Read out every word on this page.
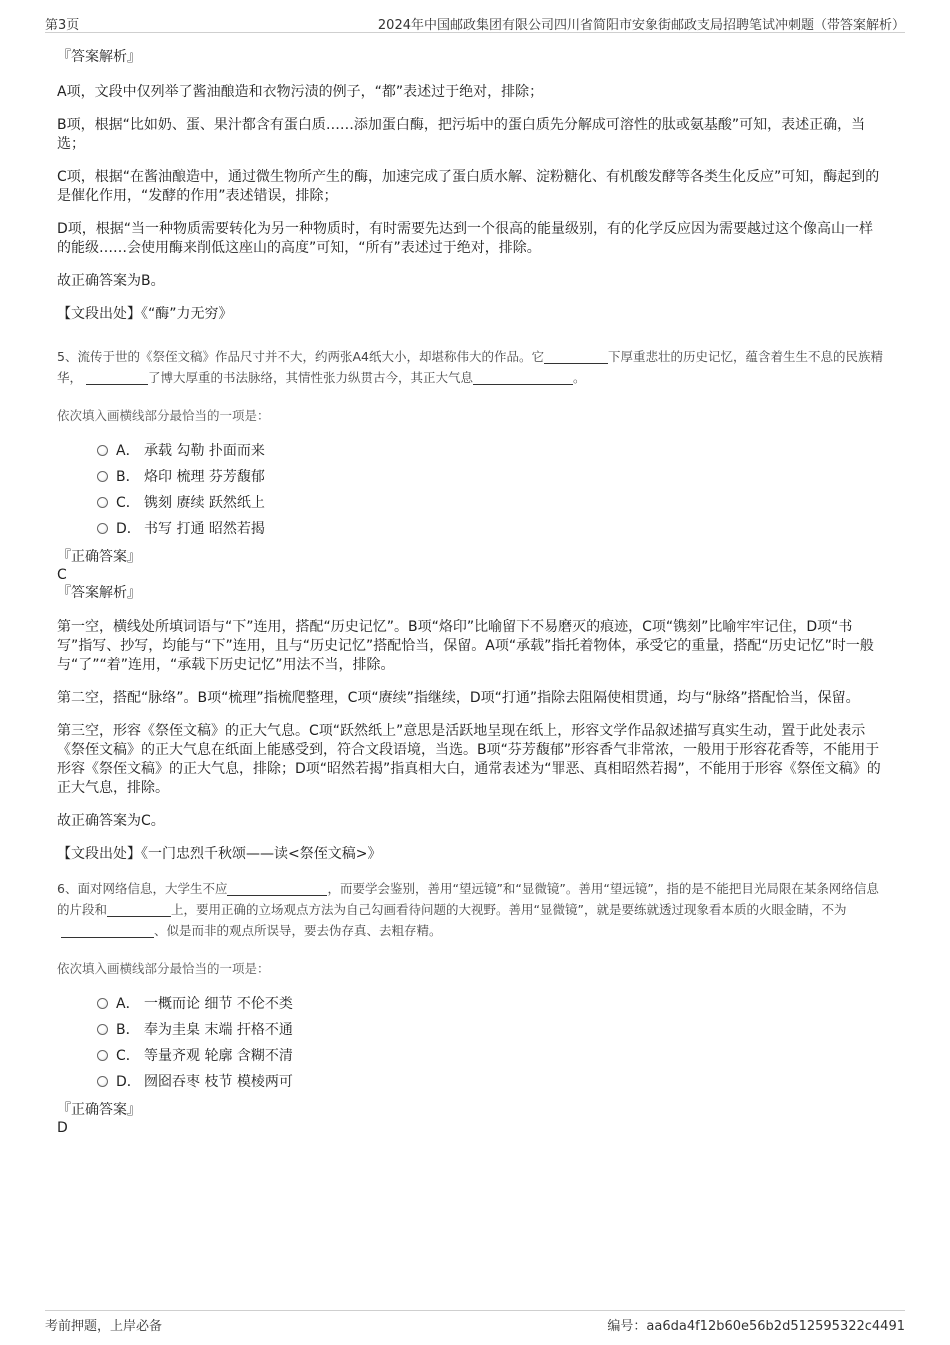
第3页	2024年中国邮政集团有限公司四川省简阳市安象街邮政支局招聘笔试冲刺题（带答案解析）

『答案解析』

A项，文段中仅列举了酱油酿造和衣物污渍的例子，“都”表述过于绝对，排除；

B项，根据“比如奶、蛋、果汁都含有蛋白质……添加蛋白酶，把污垢中的蛋白质先分解成可溶性的肽或氨基酸”可知，表述正确，当选；

C项，根据“在酱油酿造中，通过微生物所产生的酶，加速完成了蛋白质水解、淀粉糖化、有机酸发酵等各类生化反应”可知，酶起到的是催化作用，“发酵的作用”表述错误，排除；

D项，根据“当一种物质需要转化为另一种物质时，有时需要先达到一个很高的能量级别，有的化学反应因为需要越过这个像高山一样的能级……会使用酶来削低这座山的高度”可知，“所有”表述过于绝对，排除。

故正确答案为B。

【文段出处】《“酶”力无穷》

5、流传于世的《祭侄文稿》作品尺寸并不大，约两张A4纸大小，却堪称伟大的作品。它	下厚重悲壮的历史记忆，蕴含着生生不息的民族精华，	了博大厚重的书法脉络，其情性张力纵贯古今，其正大气息	。

依次填入画横线部分最恰当的一项是：

A． 承载 勾勒 扑面而来
B． 烙印 梳理 芬芳馥郁
C． 镌刻 赓续 跃然纸上
D． 书写 打通 昭然若揭

『正确答案』

C

『答案解析』

第一空，横线处所填词语与“下”连用，搭配“历史记忆”。B项“烙印”比喻留下不易磨灭的痕迹，C项“镌刻”比喻牢牢记住，D项“书写”指写、抄写，均能与“下”连用，且与“历史记忆”搭配恰当，保留。A项“承载”指托着物体，承受它的重量，搭配“历史记忆”时一般与“了”“着”连用，“承载下历史记忆”用法不当，排除。

第二空，搭配“脉络”。B项“梳理”指梳爬整理，C项“赓续”指继续，D项“打通”指除去阻隔使相贯通，均与“脉络”搭配恰当，保留。

第三空，形容《祭侄文稿》的正大气息。C项“跃然纸上”意思是活跃地呈现在纸上，形容文学作品叙述描写真实生动，置于此处表示《祭侄文稿》的正大气息在纸面上能感受到，符合文段语境，当选。B项“芬芳馥郁”形容香气非常浓，一般用于形容花香等，不能用于形容《祭侄文稿》的正大气息，排除；D项“昭然若揭”指真相大白，通常表述为“罪恶、真相昭然若揭”，不能用于形容《祭侄文稿》的正大气息，排除。

故正确答案为C。

【文段出处】《一门忠烈千秋颂——读<祭侄文稿>》

6、面对网络信息，大学生不应	，而要学会鉴别，善用“望远镜”和“显微镜”。善用“望远镜”，指的是不能把目光局限在某条网络信息的片段和	上，要用正确的立场观点方法为自己勾画看待问题的大视野。善用“显微镜”，就是要练就透过现象看本质的火眼金睛，不为、似是而非的观点所误导，要去伪存真、去粗存精。

依次填入画横线部分最恰当的一项是：

A． 一概而论 细节 不伦不类
B． 奉为圭臬 末端 扞格不通
C． 等量齐观 轮廓 含糊不清
D． 囫囵吞枣 枝节 模棱两可

『正确答案』

D

考前押题，上岸必备	编号：aa6da4f12b60e56b2d512595322c4491
